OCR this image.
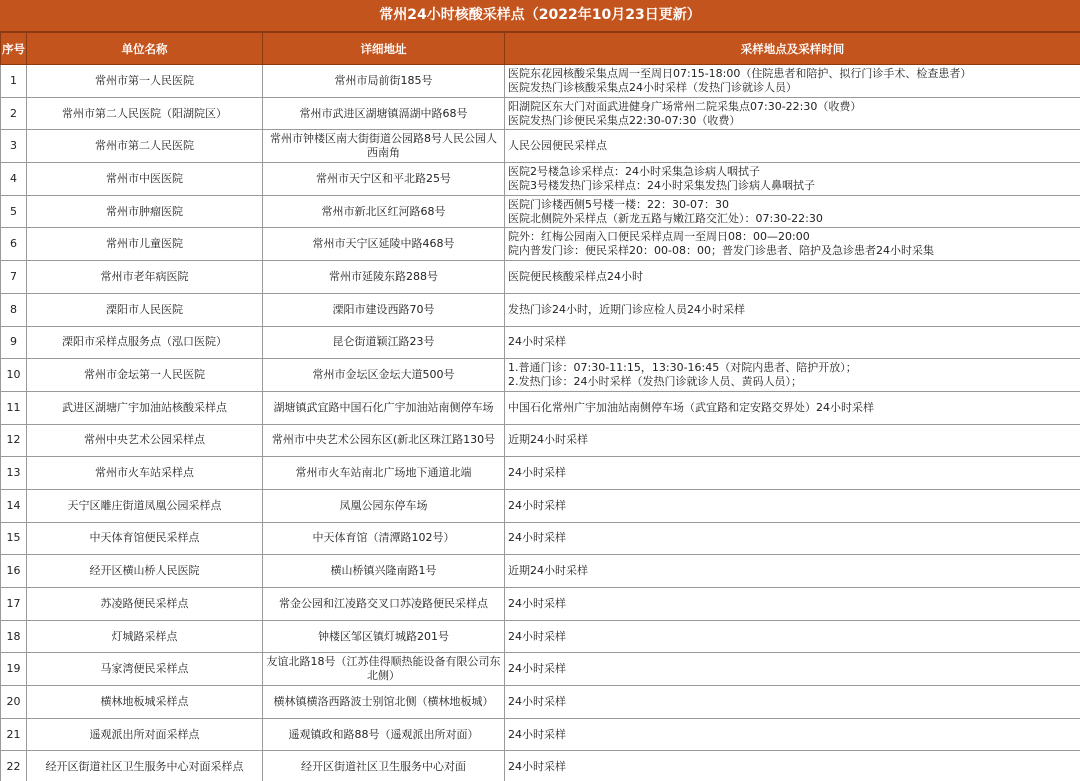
常州24小时核酸采样点（2022年10月23日更新）
序号	单位名称	详细地址	采样地点及采样时间
1	常州市第一人民医院	常州市局前街185号	医院东花园核酸采集点周一至周日07:15-18:00（住院患者和陪护、拟行门诊手术、检查患者）
医院发热门诊核酸采集点24小时采样（发热门诊就诊人员）

2	常州市第二人民医院（阳湖院区）	常州市武进区湖塘镇滆湖中路68号	阳湖院区东大门对面武进健身广场常州二院采集点07:30-22:30（收费）
医院发热门诊便民采集点22:30-07:30（收费）

3	常州市第二人民医院	常州市钟楼区南大街街道公园路8号人民公园人西南角	人民公园便民采样点

4	常州市中医医院	常州市天宁区和平北路25号	医院2号楼急诊采样点：24小时采集急诊病人咽拭子
医院3号楼发热门诊采样点：24小时采集发热门诊病人鼻咽拭子

5	常州市肿瘤医院	常州市新北区红河路68号	医院门诊楼西侧5号楼一楼：22：30-07：30
医院北侧院外采样点（新龙五路与嫩江路交汇处）：07:30-22:30

6	常州市儿童医院	常州市天宁区延陵中路468号	院外：红梅公园南入口便民采样点周一至周日08：00—20:00
院内普发门诊：便民采样20：00-08：00；普发门诊患者、陪护及急诊患者24小时采集

7	常州市老年病医院	常州市延陵东路288号	医院便民核酸采样点24小时

8	溧阳市人民医院	溧阳市建设西路70号	发热门诊24小时，近期门诊应检人员24小时采样

9	溧阳市采样点服务点（泓口医院）	昆仑街道颖江路23号	24小时采样

10	常州市金坛第一人民医院	常州市金坛区金坛大道500号	1.普通门诊：07:30-11:15，13:30-16:45（对院内患者、陪护开放）；
2.发热门诊：24小时采样（发热门诊就诊人员、黄码人员）；

11	武进区湖塘广宇加油站核酸采样点	湖塘镇武宜路中国石化广宇加油站南侧停车场	中国石化常州广宇加油站南侧停车场（武宜路和定安路交界处）24小时采样

12	常州中央艺术公园采样点	常州市中央艺术公园东区(新北区珠江路130号	近期24小时采样

13	常州市火车站采样点	常州市火车站南北广场地下通道北端	24小时采样

14	天宁区雕庄街道凤凰公园采样点	凤凰公园东停车场	24小时采样

15	中天体育馆便民采样点	中天体育馆（清潭路102号）	24小时采样

16	经开区横山桥人民医院	横山桥镇兴隆南路1号	近期24小时采样

17	苏凌路便民采样点	常金公园和江凌路交叉口苏凌路便民采样点	24小时采样

18	灯城路采样点	钟楼区邹区镇灯城路201号	24小时采样

19	马家湾便民采样点	友谊北路18号（江苏佳得顺热能设备有限公司东北侧）	24小时采样

20	横林地板城采样点	横林镇横洛西路波士别馆北侧（横林地板城）	24小时采样

21	遥观派出所对面采样点	遥观镇政和路88号（遥观派出所对面）	24小时采样

22	经开区街道社区卫生服务中心对面采样点	经开区街道社区卫生服务中心对面	24小时采样
